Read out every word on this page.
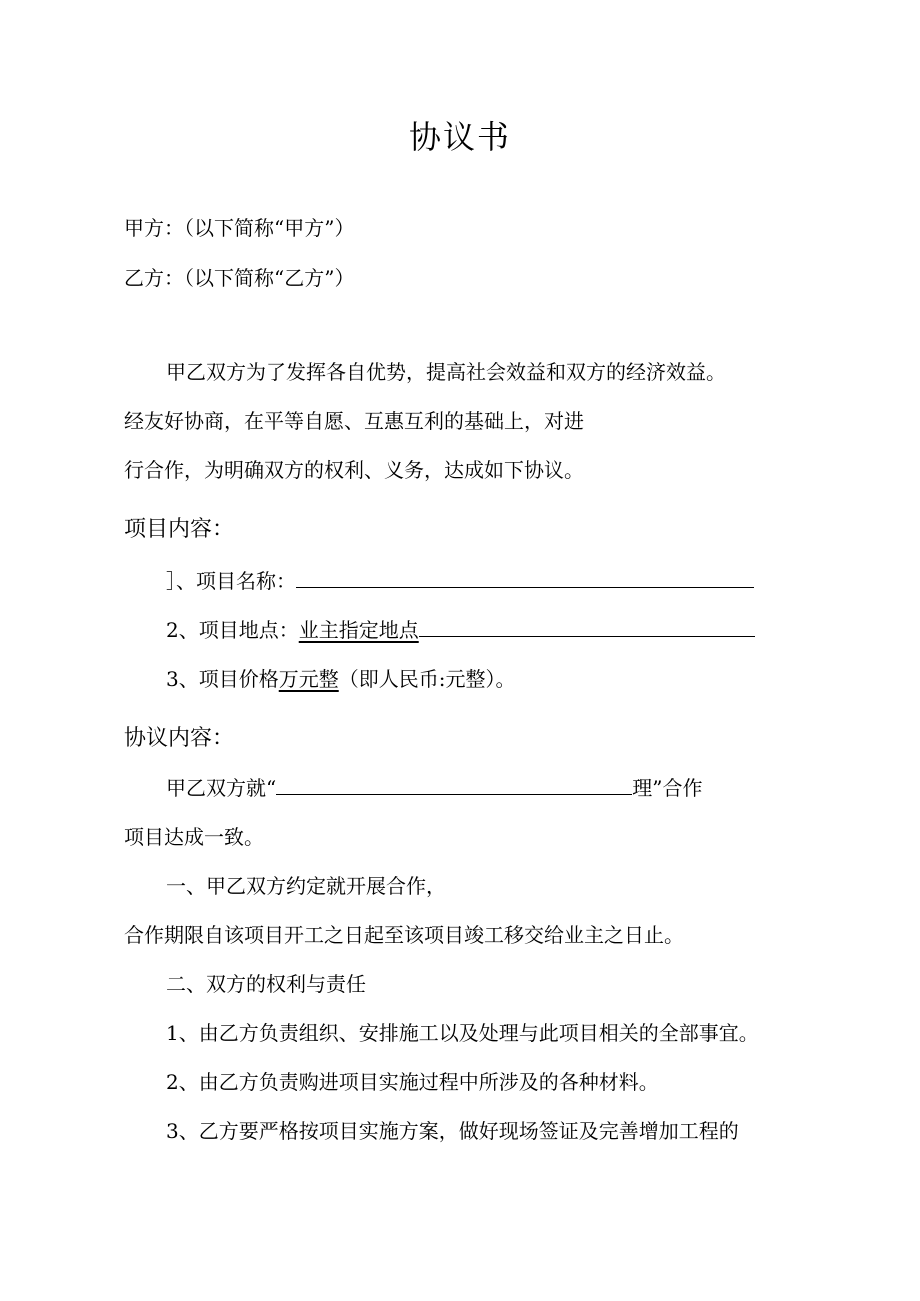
协议书

甲方：（以下简称“甲方”）

乙方：（以下简称“乙方”）

甲乙双方为了发挥各自优势，提高社会效益和双方的经济效益。

经友好协商，在平等自愿、互惠互利的基础上，对进

行合作，为明确双方的权利、义务，达成如下协议。

项目内容：

］、项目名称：

2、项目地点：业主指定地点

3、项目价格万元整（即人民币:元整）。

协议内容：

甲乙双方就“	理”合作

项目达成一致。

一、甲乙双方约定就开展合作，

合作期限自该项目开工之日起至该项目竣工移交给业主之日止。

二、双方的权利与责任

1、由乙方负责组织、安排施工以及处理与此项目相关的全部事宜。

2、由乙方负责购进项目实施过程中所涉及的各种材料。

3、乙方要严格按项目实施方案，做好现场签证及完善增加工程的
